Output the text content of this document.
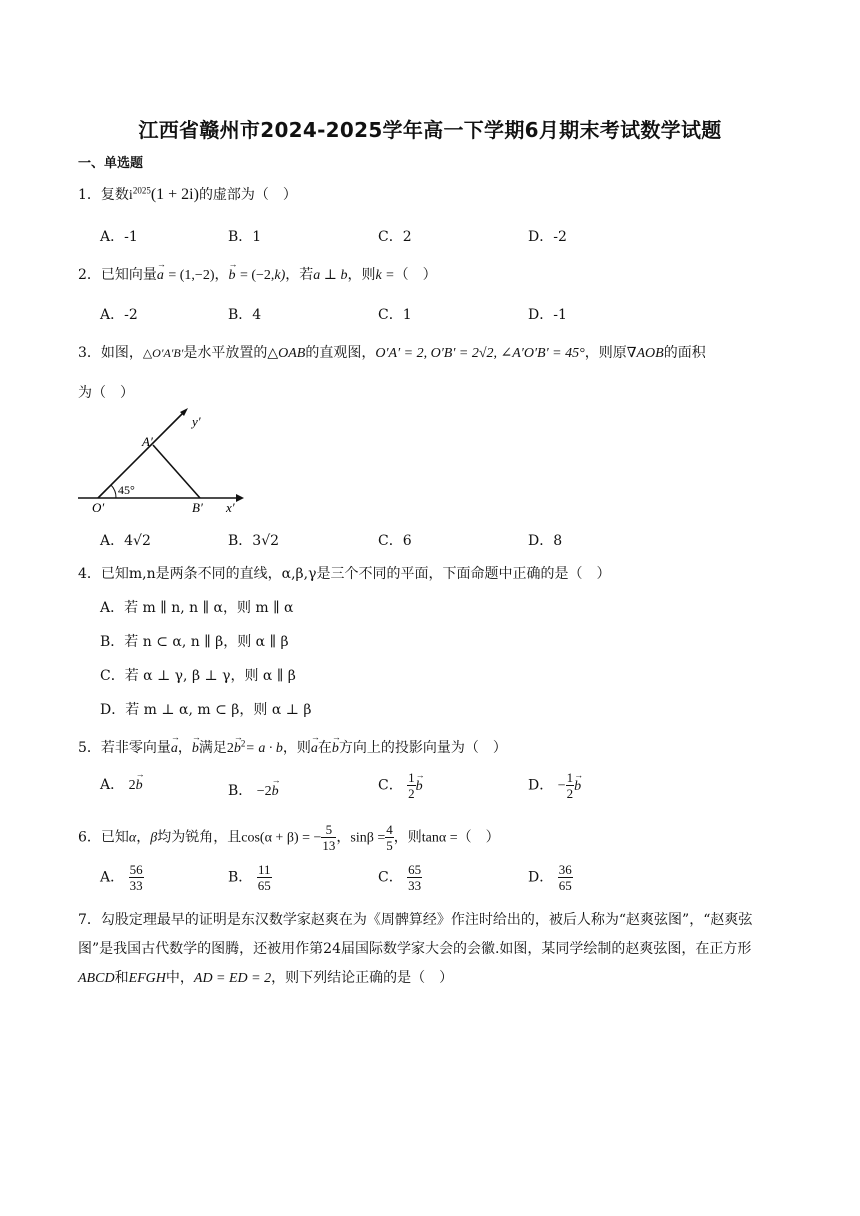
江西省赣州市2024-2025学年高一下学期6月期末考试数学试题
一、单选题
1．复数$i^{2025}(1 + 2i)$的虚部为（　）
A．-1	B．1	C．2	D．-2
2．已知向量→ a = (1,−2)，→ b = (−2,k)，若a ⊥ b，则k =（　）
A．-2	B．4	C．1	D．-1
3．如图，△O′A′B′是水平放置的△OAB的直观图，O′A′ = 2, O′B′ = 2√2, ∠A′O′B′ = 45°，则原∇AOB的面积
为（　）
y′
x′
A′
B′
O′
45°
A．4√2	B．3√2	C．6	D．8
4．已知m,n是两条不同的直线，α,β,γ是三个不同的平面，下面命题中正确的是（　）
A．若 m ∥ n, n ∥ α，则 m ∥ α
B．若 n ⊂ α, n ∥ β，则 α ∥ β
C．若 α ⊥ γ, β ⊥ γ，则 α ∥ β
D．若 m ⊥ α, m ⊂ β，则 α ⊥ β
5．若非零向量→ a，→ b满足$2\to b^2= a \cdot b$，则→ a在→ b方向上的投影向量为（　）
A． 2→ b	B． −2→ b	C． $\frac{1}{2}$
→ b	D． − $\frac{1}{2}$
→ b
6．已知α，β均为锐角，且cos(α + β) = − $\frac{5}{13}$ ，$\sin\beta = \frac{4}{5}$ ，则tanα =（　）
A． $\frac{56}{33}$	B． $\frac{11}{65}$	C． $\frac{65}{33}$	D． $\frac{36}{65}$
7．勾股定理最早的证明是东汉数学家赵爽在为《周髀算经》作注时给出的，被后人称为“赵爽弦图”，“赵爽弦图”是我国古代数学的图腾，还被用作第24届国际数学家大会的会徽.如图，某同学绘制的赵爽弦图，在正方形ABCD和EFGH中，AD = ED = 2，则下列结论正确的是（　）
